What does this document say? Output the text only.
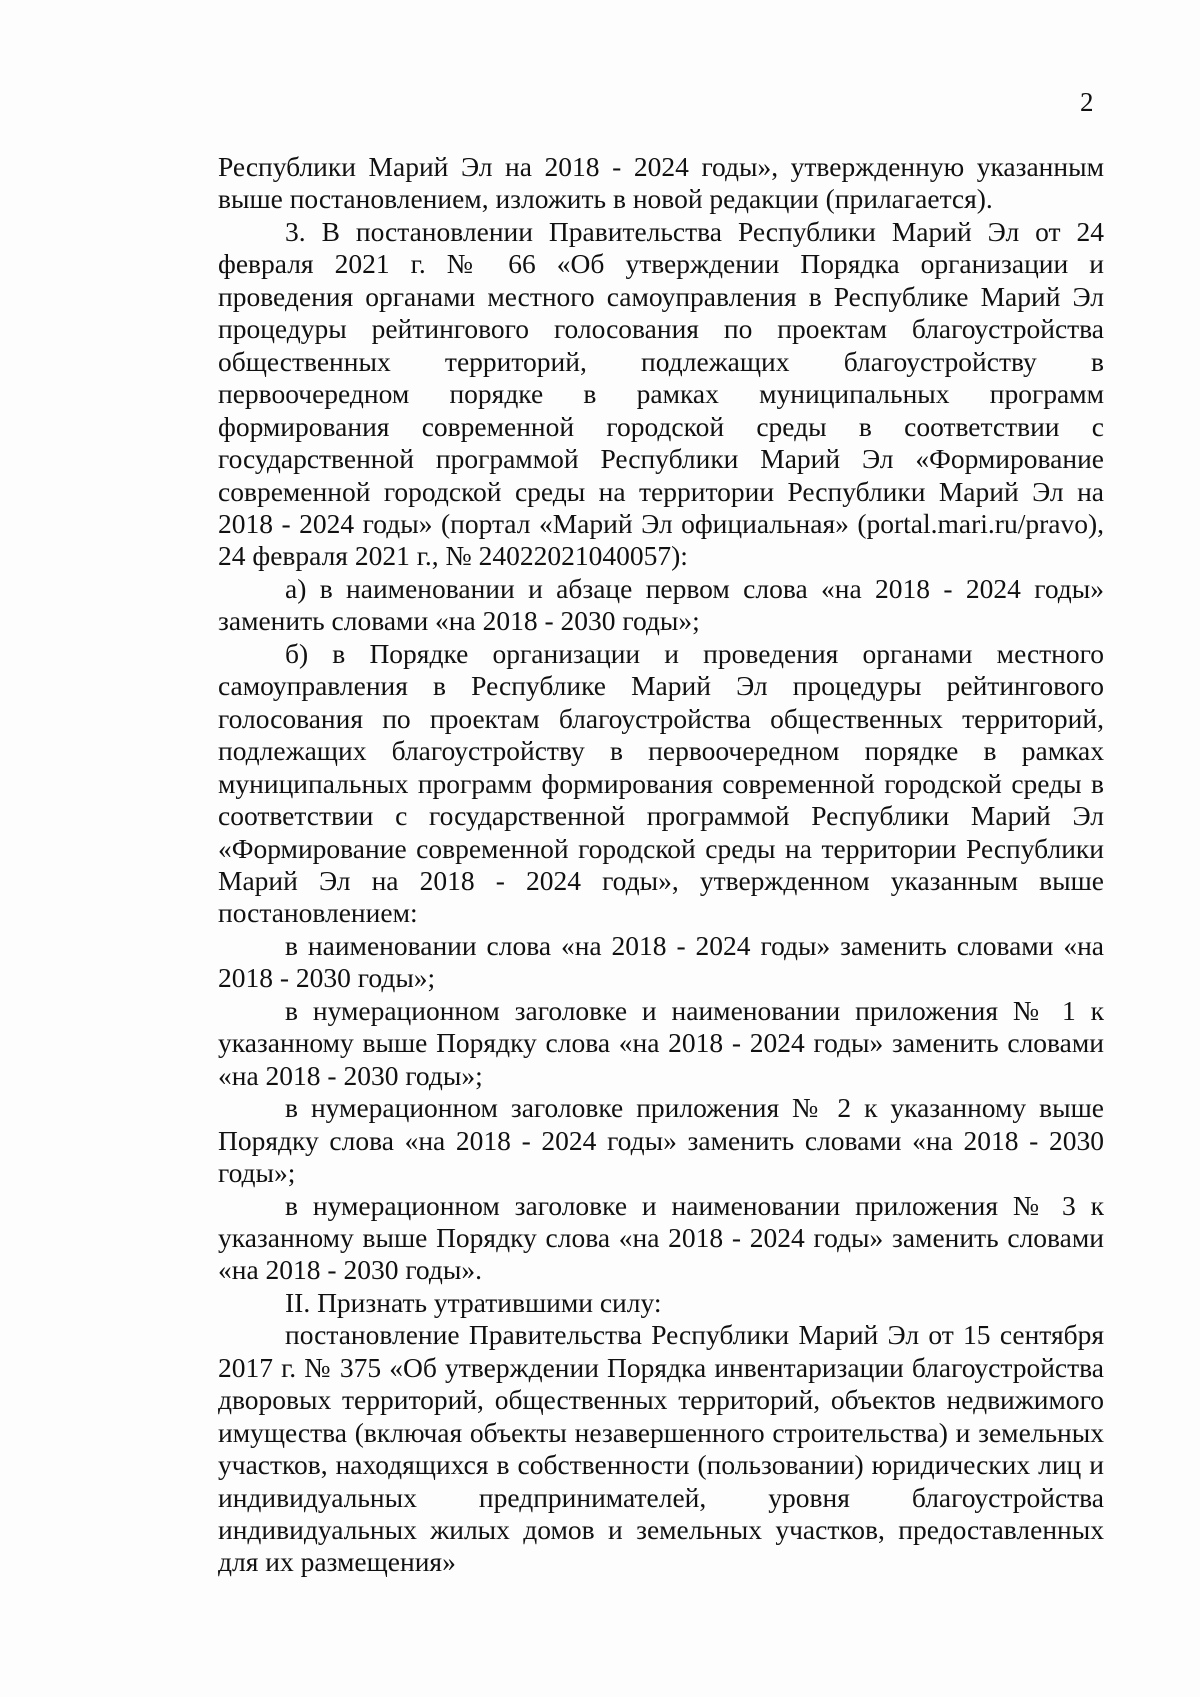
2

Республики Марий Эл на 2018 - 2024 годы», утвержденную указанным выше постановлением, изложить в новой редакции (прилагается).

3. В постановлении Правительства Республики Марий Эл от 24 февраля 2021 г. № 66 «Об утверждении Порядка организации и проведения органами местного самоуправления в Республике Марий Эл процедуры рейтингового голосования по проектам благоустройства общественных территорий, подлежащих благоустройству в первоочередном порядке в рамках муниципальных программ формирования современной городской среды в соответствии с государственной программой Республики Марий Эл «Формирование современной городской среды на территории Республики Марий Эл на 2018 - 2024 годы» (портал «Марий Эл официальная» (portal.mari.ru/pravo), 24 февраля 2021 г., № 24022021040057):

а) в наименовании и абзаце первом слова «на 2018 - 2024 годы» заменить словами «на 2018 - 2030 годы»;

б) в Порядке организации и проведения органами местного самоуправления в Республике Марий Эл процедуры рейтингового голосования по проектам благоустройства общественных территорий, подлежащих благоустройству в первоочередном порядке в рамках муниципальных программ формирования современной городской среды в соответствии с государственной программой Республики Марий Эл «Формирование современной городской среды на территории Республики Марий Эл на 2018 - 2024 годы», утвержденном указанным выше постановлением:

в наименовании слова «на 2018 - 2024 годы» заменить словами «на 2018 - 2030 годы»;

в нумерационном заголовке и наименовании приложения № 1 к указанному выше Порядку слова «на 2018 - 2024 годы» заменить словами «на 2018 - 2030 годы»;

в нумерационном заголовке приложения № 2 к указанному выше Порядку слова «на 2018 - 2024 годы» заменить словами «на 2018 - 2030 годы»;

в нумерационном заголовке и наименовании приложения № 3 к указанному выше Порядку слова «на 2018 - 2024 годы» заменить словами «на 2018 - 2030 годы».

II. Признать утратившими силу:

постановление Правительства Республики Марий Эл от 15 сентября 2017 г. № 375 «Об утверждении Порядка инвентаризации благоустройства дворовых территорий, общественных территорий, объектов недвижимого имущества (включая объекты незавершенного строительства) и земельных участков, находящихся в собственности (пользовании) юридических лиц и индивидуальных предпринимателей, уровня благоустройства индивидуальных жилых домов и земельных участков, предоставленных для их размещения»
